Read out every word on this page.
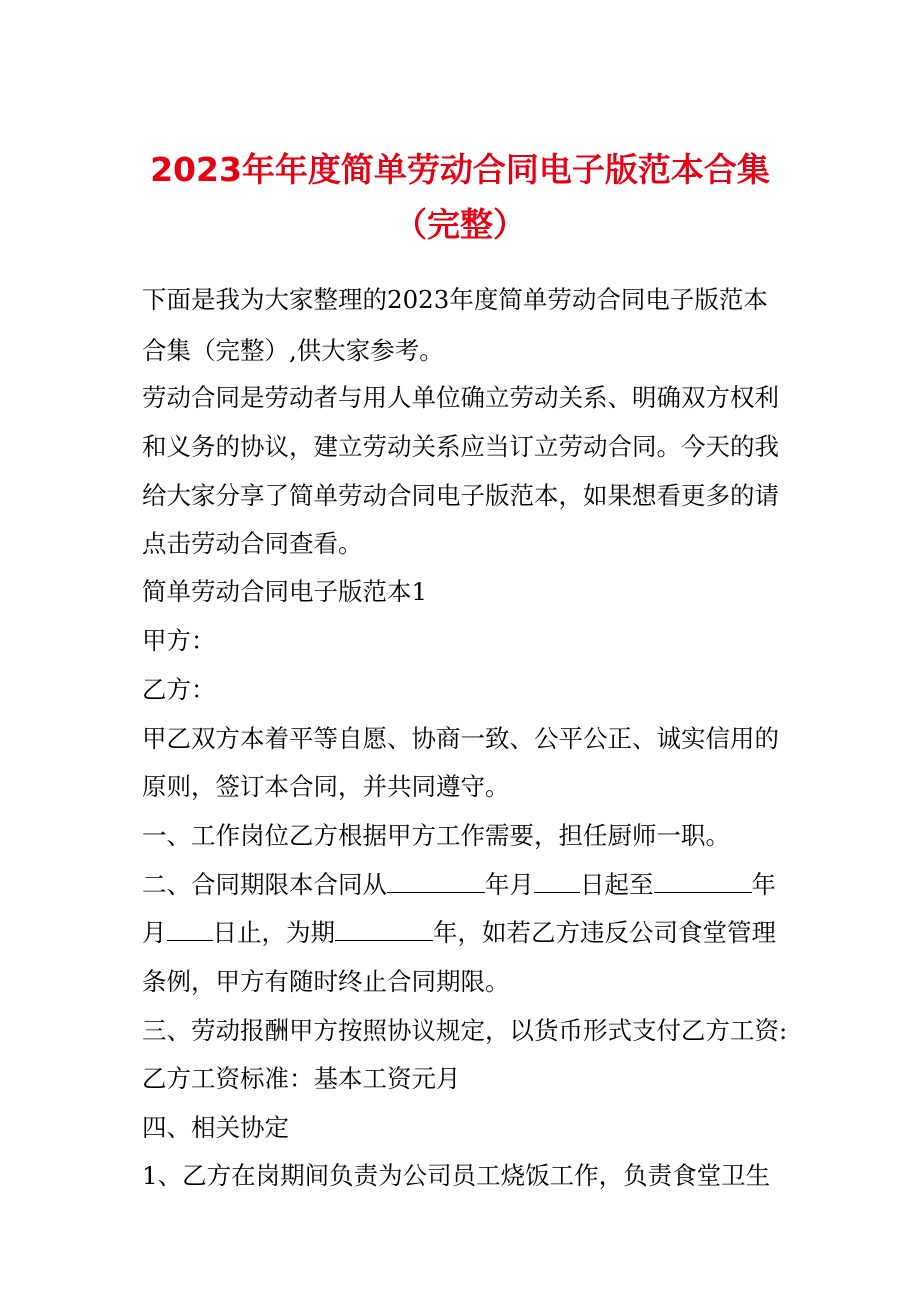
2023年年度简单劳动合同电子版范本合集
（完整）
下面是我为大家整理的2023年度简单劳动合同电子版范本
合集（完整）,供大家参考。
劳动合同是劳动者与用人单位确立劳动关系、明确双方权利
和义务的协议，建立劳动关系应当订立劳动合同。今天的我
给大家分享了简单劳动合同电子版范本，如果想看更多的请
点击劳动合同查看。
简单劳动合同电子版范本1
甲方：
乙方：
甲乙双方本着平等自愿、协商一致、公平公正、诚实信用的
原则，签订本合同，并共同遵守。
一、工作岗位乙方根据甲方工作需要，担任厨师一职。
二、合同期限本合同从	年月 日起至	年
月 日止，为期	年，如若乙方违反公司食堂管理
条例，甲方有随时终止合同期限。
三、劳动报酬甲方按照协议规定，以货币形式支付乙方工资:
乙方工资标准：基本工资元月
四、相关协定
1、乙方在岗期间负责为公司员工烧饭工作，负责食堂卫生
